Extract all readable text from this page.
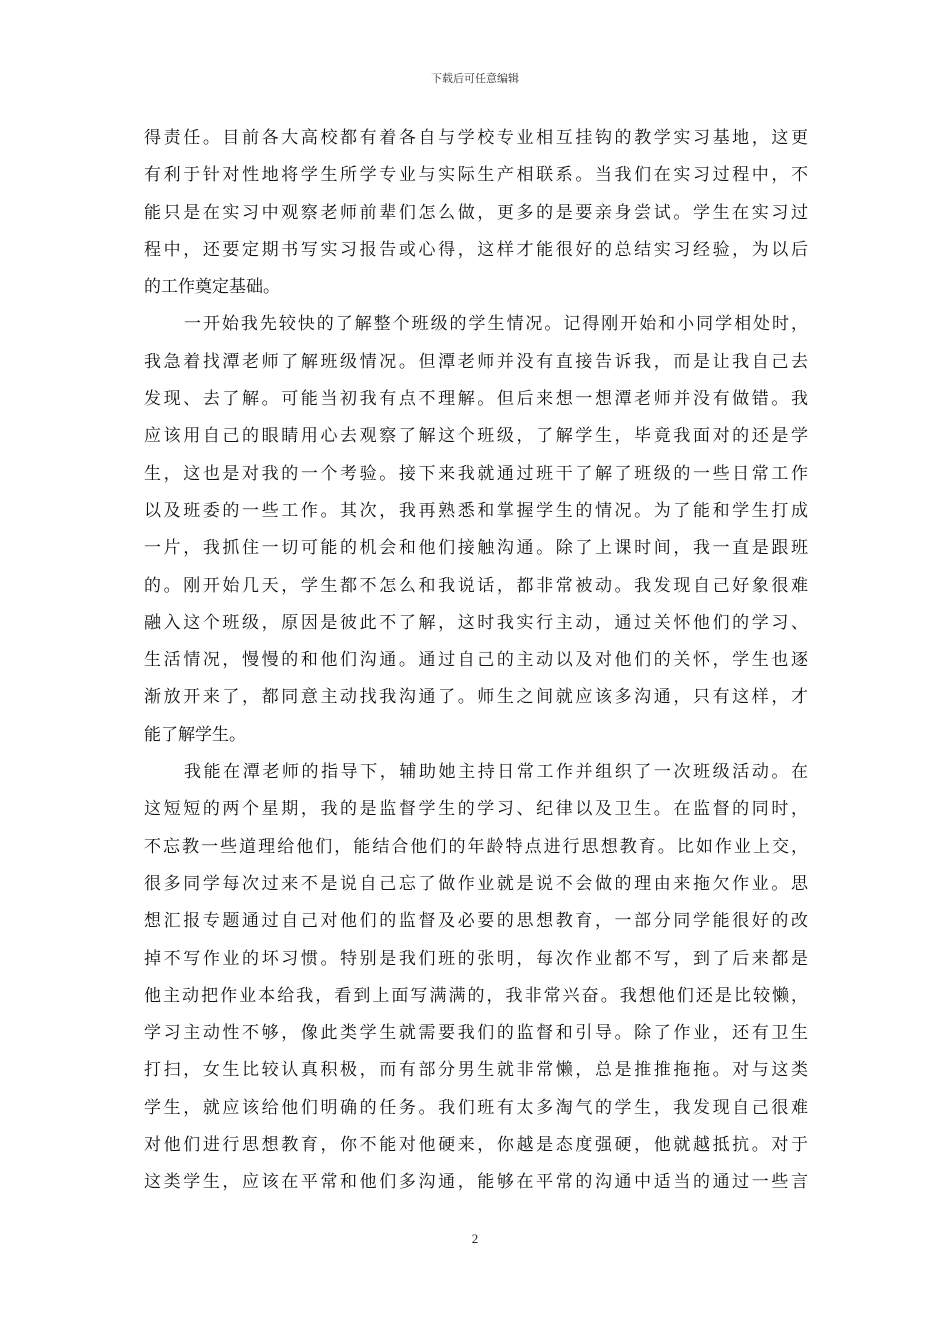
下载后可任意编辑
得责任。目前各大高校都有着各自与学校专业相互挂钩的教学实习基地，这更
有利于针对性地将学生所学专业与实际生产相联系。当我们在实习过程中，不
能只是在实习中观察老师前辈们怎么做，更多的是要亲身尝试。学生在实习过
程中，还要定期书写实习报告或心得，这样才能很好的总结实习经验，为以后
的工作奠定基础。
一开始我先较快的了解整个班级的学生情况。记得刚开始和小同学相处时，
我急着找潭老师了解班级情况。但潭老师并没有直接告诉我，而是让我自己去
发现、去了解。可能当初我有点不理解。但后来想一想潭老师并没有做错。我
应该用自己的眼睛用心去观察了解这个班级，了解学生，毕竟我面对的还是学
生，这也是对我的一个考验。接下来我就通过班干了解了班级的一些日常工作
以及班委的一些工作。其次，我再熟悉和掌握学生的情况。为了能和学生打成
一片，我抓住一切可能的机会和他们接触沟通。除了上课时间，我一直是跟班
的。刚开始几天，学生都不怎么和我说话，都非常被动。我发现自己好象很难
融入这个班级，原因是彼此不了解，这时我实行主动，通过关怀他们的学习、
生活情况，慢慢的和他们沟通。通过自己的主动以及对他们的关怀，学生也逐
渐放开来了，都同意主动找我沟通了。师生之间就应该多沟通，只有这样，才
能了解学生。
我能在潭老师的指导下，辅助她主持日常工作并组织了一次班级活动。在
这短短的两个星期，我的是监督学生的学习、纪律以及卫生。在监督的同时，
不忘教一些道理给他们，能结合他们的年龄特点进行思想教育。比如作业上交，
很多同学每次过来不是说自己忘了做作业就是说不会做的理由来拖欠作业。思
想汇报专题通过自己对他们的监督及必要的思想教育，一部分同学能很好的改
掉不写作业的坏习惯。特别是我们班的张明，每次作业都不写，到了后来都是
他主动把作业本给我，看到上面写满满的，我非常兴奋。我想他们还是比较懒，
学习主动性不够，像此类学生就需要我们的监督和引导。除了作业，还有卫生
打扫，女生比较认真积极，而有部分男生就非常懒，总是推推拖拖。对与这类
学生，就应该给他们明确的任务。我们班有太多淘气的学生，我发现自己很难
对他们进行思想教育，你不能对他硬来，你越是态度强硬，他就越抵抗。对于
这类学生，应该在平常和他们多沟通，能够在平常的沟通中适当的通过一些言
2
